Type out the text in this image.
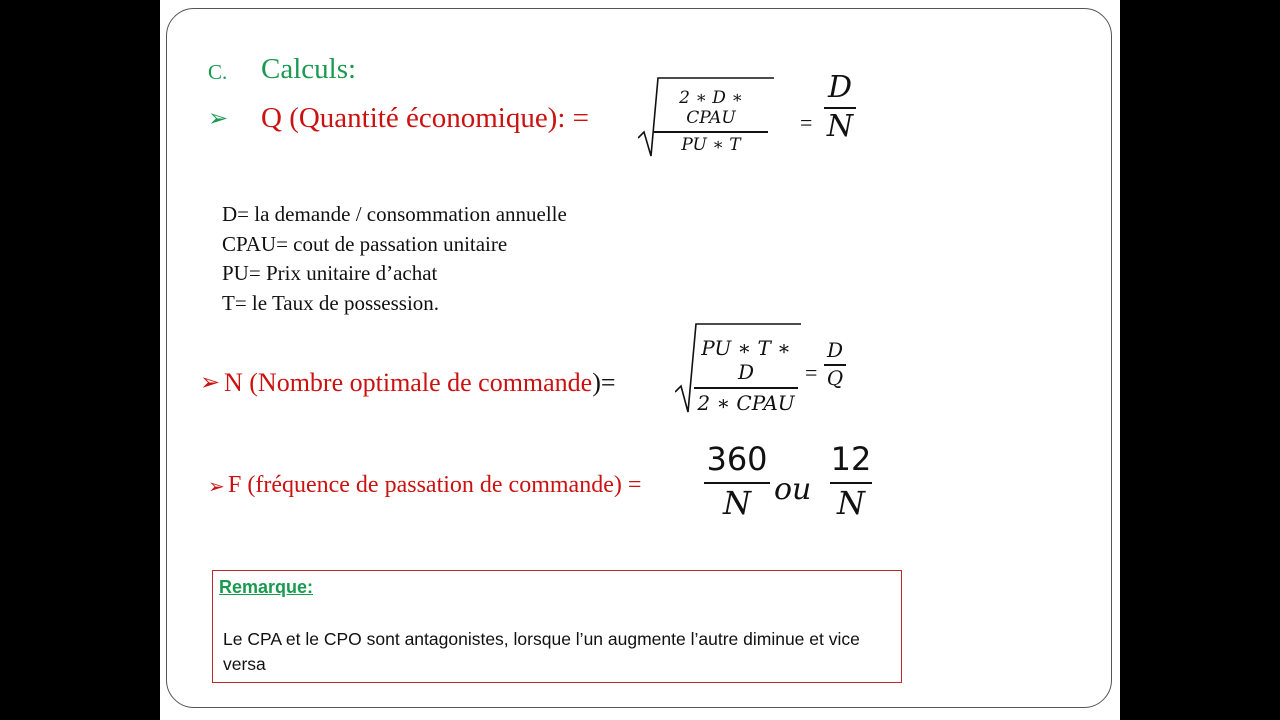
C. Calculs:
➢ Q (Quantité économique): =
2 ∗ D ∗ CPAU
PU ∗ T
=
D
N
D= la demande / consommation annuelle
CPAU= cout de passation unitaire
PU= Prix unitaire d’achat
T= le Taux de possession.
➢ N (Nombre optimale de commande)=
PU ∗ T ∗ D
2 ∗ CPAU
=
D
Q
➢ F (fréquence de passation de commande) =
360
N ou
12
N
Remarque:
Le CPA et le CPO sont antagonistes, lorsque l’un augmente l’autre diminue et vice versa
